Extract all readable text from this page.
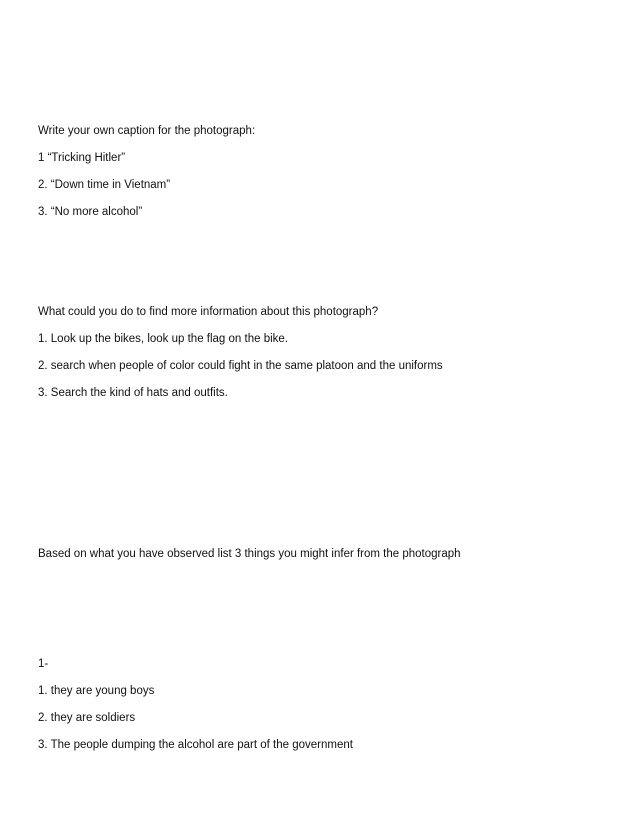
Write your own caption for the photograph:
1 “Tricking Hitler”
2. “Down time in Vietnam”
3. “No more alcohol”
What could you do to find more information about this photograph?
1. Look up the bikes, look up the flag on the bike.
2. search when people of color could fight in the same platoon and the uniforms
3. Search the kind of hats and outfits.
Based on what you have observed list 3 things you might infer from the photograph
1-
1. they are young boys
2. they are soldiers
3. The people dumping the alcohol are part of the government
